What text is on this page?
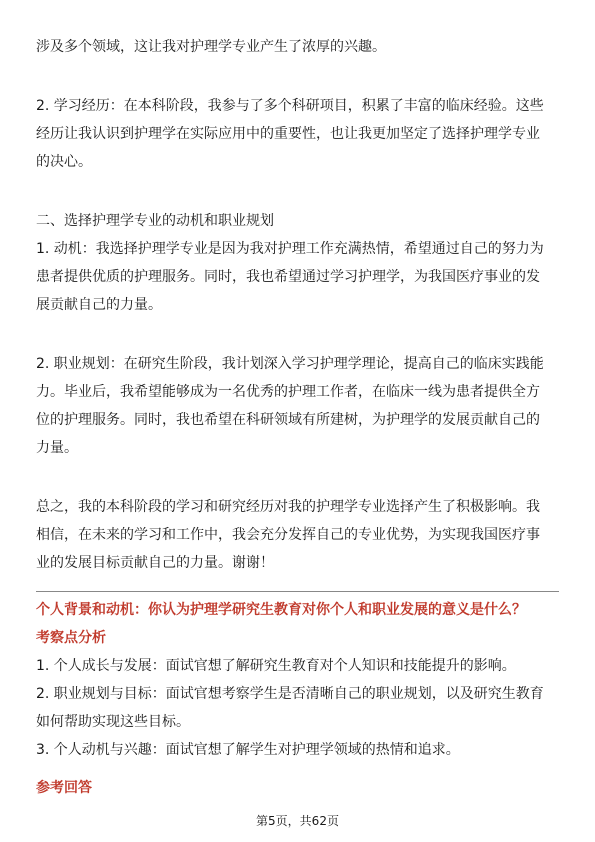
涉及多个领域，这让我对护理学专业产生了浓厚的兴趣。
2. 学习经历：在本科阶段，我参与了多个科研项目，积累了丰富的临床经验。这些
经历让我认识到护理学在实际应用中的重要性，也让我更加坚定了选择护理学专业
的决心。
二、选择护理学专业的动机和职业规划
1. 动机：我选择护理学专业是因为我对护理工作充满热情，希望通过自己的努力为
患者提供优质的护理服务。同时，我也希望通过学习护理学，为我国医疗事业的发
展贡献自己的力量。
2. 职业规划：在研究生阶段，我计划深入学习护理学理论，提高自己的临床实践能
力。毕业后，我希望能够成为一名优秀的护理工作者，在临床一线为患者提供全方
位的护理服务。同时，我也希望在科研领域有所建树，为护理学的发展贡献自己的
力量。
总之，我的本科阶段的学习和研究经历对我的护理学专业选择产生了积极影响。我
相信，在未来的学习和工作中，我会充分发挥自己的专业优势，为实现我国医疗事
业的发展目标贡献自己的力量。谢谢！
个人背景和动机：你认为护理学研究生教育对你个人和职业发展的意义是什么？
考察点分析
1. 个人成长与发展：面试官想了解研究生教育对个人知识和技能提升的影响。
2. 职业规划与目标：面试官想考察学生是否清晰自己的职业规划，以及研究生教育
如何帮助实现这些目标。
3. 个人动机与兴趣：面试官想了解学生对护理学领域的热情和追求。
参考回答
第5页，共62页
